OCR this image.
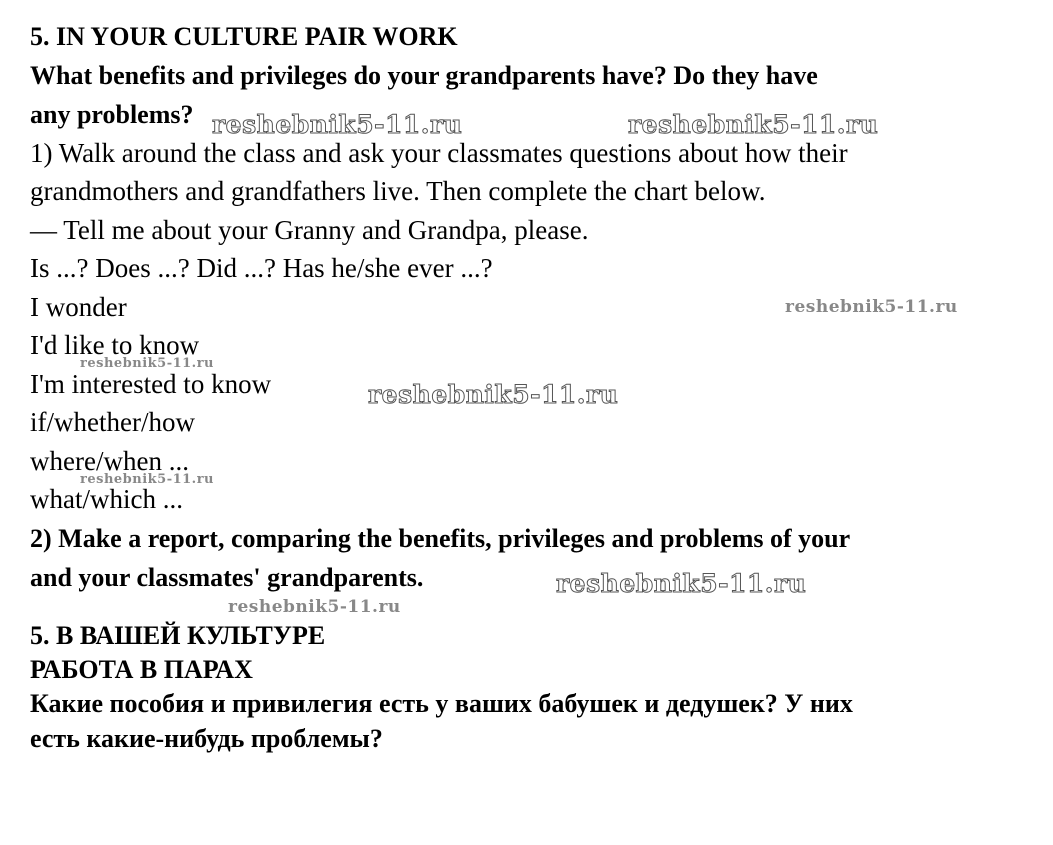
5. IN YOUR CULTURE PAIR WORK
What benefits and privileges do your grandparents have? Do they have
any problems?
1) Walk around the class and ask your classmates questions about how their
grandmothers and grandfathers live. Then complete the chart below.
— Tell me about your Granny and Grandpa, please.
Is ...? Does ...? Did ...? Has he/she ever ...?
I wonder
I'd like to know
I'm interested to know
if/whether/how
where/when ...
what/which ...
2) Make a report, comparing the benefits, privileges and problems of your
and your classmates' grandparents.
5. В ВАШЕЙ КУЛЬТУРЕ
РАБОТА В ПАРАХ
Какие пособия и привилегия есть у ваших бабушек и дедушек? У них
есть какие-нибудь проблемы?
reshebnik5-11.ru	reshebnik5-11.ru
reshebnik5-11.ru
reshebnik5-11.ru
reshebnik5-11.ru
reshebnik5-11.ru
reshebnik5-11.ru
reshebnik5-11.ru
